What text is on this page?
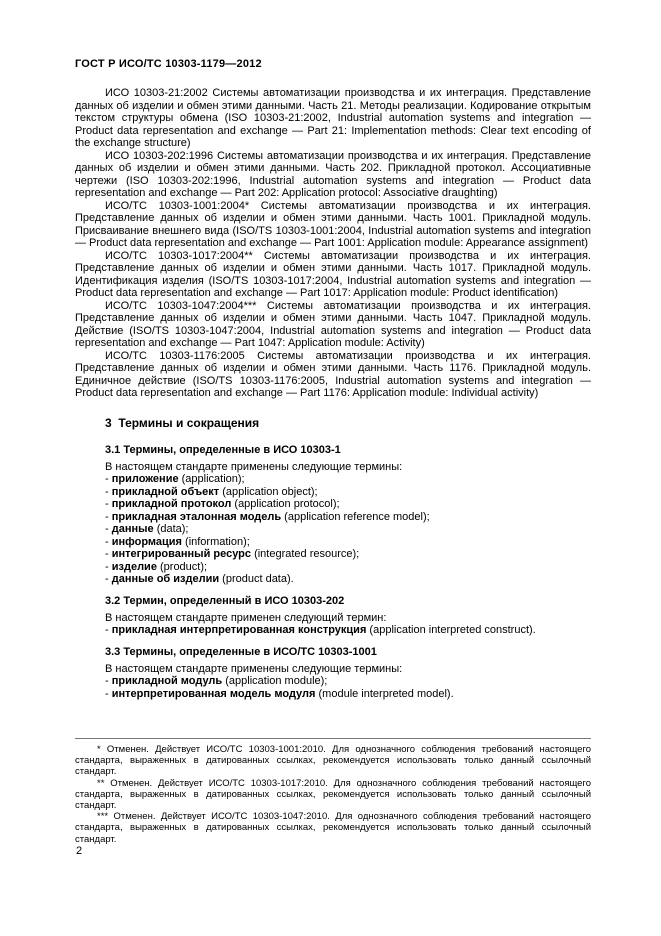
ГОСТ Р ИСО/ТС 10303-1179—2012

ИСО 10303-21:2002 Системы автоматизации производства и их интеграция. Представление данных об изделии и обмен этими данными. Часть 21. Методы реализации. Кодирование открытым текстом структуры обмена (ISO 10303-21:2002, Industrial automation systems and integration — Product data representation and exchange — Part 21: Implementation methods: Clear text encoding of the exchange structure)

ИСО 10303-202:1996 Системы автоматизации производства и их интеграция. Представление данных об изделии и обмен этими данными. Часть 202. Прикладной протокол. Ассоциативные чертежи (ISO 10303-202:1996, Industrial automation systems and integration — Product data representation and exchange — Part 202: Application protocol: Associative draughting)

ИСО/ТС 10303-1001:2004* Системы автоматизации производства и их интеграция. Представление данных об изделии и обмен этими данными. Часть 1001. Прикладной модуль. Присваивание внешнего вида (ISO/TS 10303-1001:2004, Industrial automation systems and integration — Product data representation and exchange — Part 1001: Application module: Appearance assignment)

ИСО/ТС 10303-1017:2004** Системы автоматизации производства и их интеграция. Представление данных об изделии и обмен этими данными. Часть 1017. Прикладной модуль. Идентификация изделия (ISO/TS 10303-1017:2004, Industrial automation systems and integration — Product data representation and exchange — Part 1017: Application module: Product identification)

ИСО/ТС 10303-1047:2004*** Системы автоматизации производства и их интеграция. Представление данных об изделии и обмен этими данными. Часть 1047. Прикладной модуль. Действие (ISO/TS 10303-1047:2004, Industrial automation systems and integration — Product data representation and exchange — Part 1047: Application module: Activity)

ИСО/ТС 10303-1176:2005 Системы автоматизации производства и их интеграция. Представление данных об изделии и обмен этими данными. Часть 1176. Прикладной модуль. Единичное действие (ISO/TS 10303-1176:2005, Industrial automation systems and integration — Product data representation and exchange — Part 1176: Application module: Individual activity)

3  Термины и сокращения
3.1 Термины, определенные в ИСО 10303-1

В настоящем стандарте применены следующие термины:

- приложение (application);

- прикладной объект (application object);

- прикладной протокол (application protocol);

- прикладная эталонная модель (application reference model);

- данные (data);

- информация (information);

- интегрированный ресурс (integrated resource);

- изделие (product);

- данные об изделии (product data).

3.2 Термин, определенный в ИСО 10303-202

В настоящем стандарте применен следующий термин:

- прикладная интерпретированная конструкция (application interpreted construct).

3.3 Термины, определенные в ИСО/ТС 10303-1001

В настоящем стандарте применены следующие термины:

- прикладной модуль (application module);

- интерпретированная модель модуля (module interpreted model).

* Отменен. Действует ИСО/ТС 10303-1001:2010. Для однозначного соблюдения требований настоящего стандарта, выраженных в датированных ссылках, рекомендуется использовать только данный ссылочный стандарт.

** Отменен. Действует ИСО/ТС 10303-1017:2010. Для однозначного соблюдения требований настоящего стандарта, выраженных в датированных ссылках, рекомендуется использовать только данный ссылочный стандарт.

*** Отменен. Действует ИСО/ТС 10303-1047:2010. Для однозначного соблюдения требований настоящего стандарта, выраженных в датированных ссылках, рекомендуется использовать только данный ссылочный стандарт.

2
